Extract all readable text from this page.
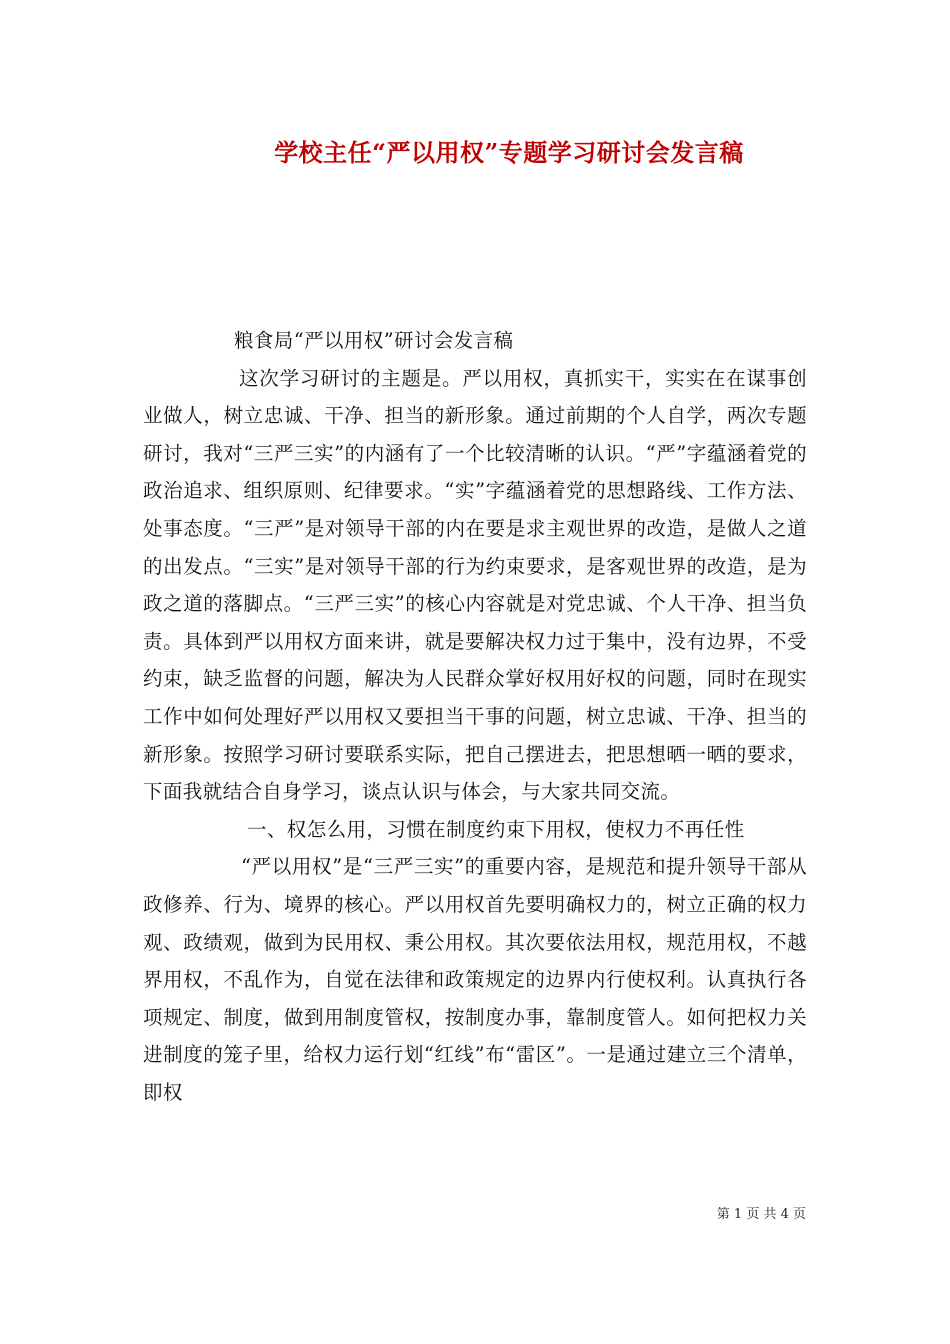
学校主任“严以用权”专题学习研讨会发言稿

粮食局“严以用权”研讨会发言稿

这次学习研讨的主题是。严以用权，真抓实干，实实在在谋事创业做人，树立忠诚、干净、担当的新形象。通过前期的个人自学，两次专题研讨，我对“三严三实”的内涵有了一个比较清晰的认识。“严”字蕴涵着党的政治追求、组织原则、纪律要求。“实”字蕴涵着党的思想路线、工作方法、处事态度。“三严”是对领导干部的内在要是求主观世界的改造，是做人之道的出发点。“三实”是对领导干部的行为约束要求，是客观世界的改造，是为政之道的落脚点。“三严三实”的核心内容就是对党忠诚、个人干净、担当负责。具体到严以用权方面来讲，就是要解决权力过于集中，没有边界，不受约束，缺乏监督的问题，解决为人民群众掌好权用好权的问题，同时在现实工作中如何处理好严以用权又要担当干事的问题，树立忠诚、干净、担当的新形象。按照学习研讨要联系实际，把自己摆进去，把思想晒一晒的要求，下面我就结合自身学习，谈点认识与体会，与大家共同交流。

一、权怎么用，习惯在制度约束下用权，使权力不再任性

“严以用权”是“三严三实”的重要内容，是规范和提升领导干部从政修养、行为、境界的核心。严以用权首先要明确权力的，树立正确的权力观、政绩观，做到为民用权、秉公用权。其次要依法用权，规范用权，不越界用权，不乱作为，自觉在法律和政策规定的边界内行使权利。认真执行各项规定、制度，做到用制度管权，按制度办事，靠制度管人。如何把权力关进制度的笼子里，给权力运行划“红线”布“雷区”。一是通过建立三个清单，即权

第 1 页 共 4 页
